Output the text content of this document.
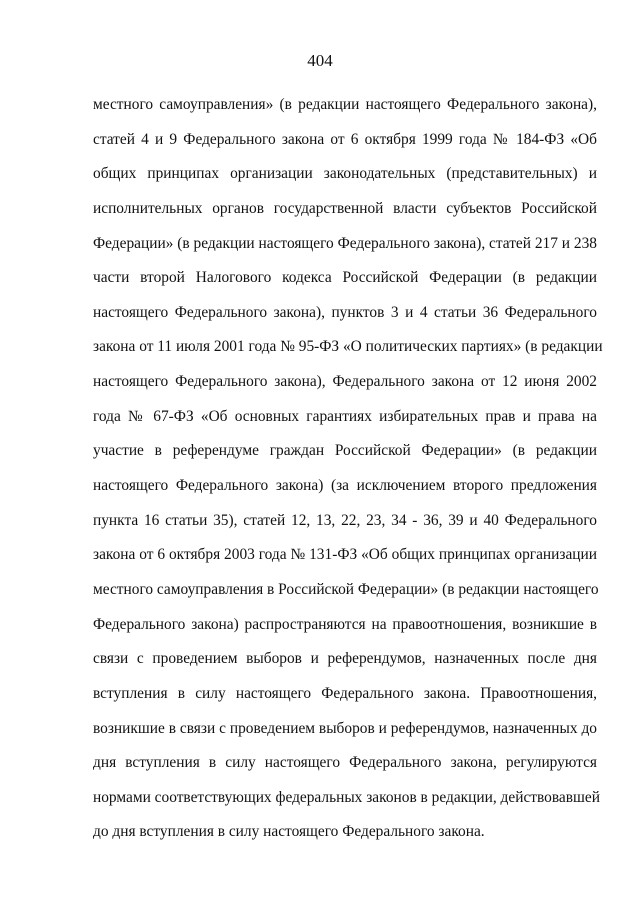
404
местного самоуправления» (в редакции настоящего Федерального закона),
статей 4 и 9 Федерального закона от 6 октября 1999 года № 184-ФЗ «Об
общих принципах организации законодательных (представительных) и
исполнительных органов государственной власти субъектов Российской
Федерации» (в редакции настоящего Федерального закона), статей 217 и 238
части второй Налогового кодекса Российской Федерации (в редакции
настоящего Федерального закона), пунктов 3 и 4 статьи 36 Федерального
закона от 11 июля 2001 года № 95-ФЗ «О политических партиях» (в редакции
настоящего Федерального закона), Федерального закона от 12 июня 2002
года № 67-ФЗ «Об основных гарантиях избирательных прав и права на
участие в референдуме граждан Российской Федерации» (в редакции
настоящего Федерального закона) (за исключением второго предложения
пункта 16 статьи 35), статей 12, 13, 22, 23, 34 - 36, 39 и 40 Федерального
закона от 6 октября 2003 года № 131-ФЗ «Об общих принципах организации
местного самоуправления в Российской Федерации» (в редакции настоящего
Федерального закона) распространяются на правоотношения, возникшие в
связи с проведением выборов и референдумов, назначенных после дня
вступления в силу настоящего Федерального закона. Правоотношения,
возникшие в связи с проведением выборов и референдумов, назначенных до
дня вступления в силу настоящего Федерального закона, регулируются
нормами соответствующих федеральных законов в редакции, действовавшей
до дня вступления в силу настоящего Федерального закона.
